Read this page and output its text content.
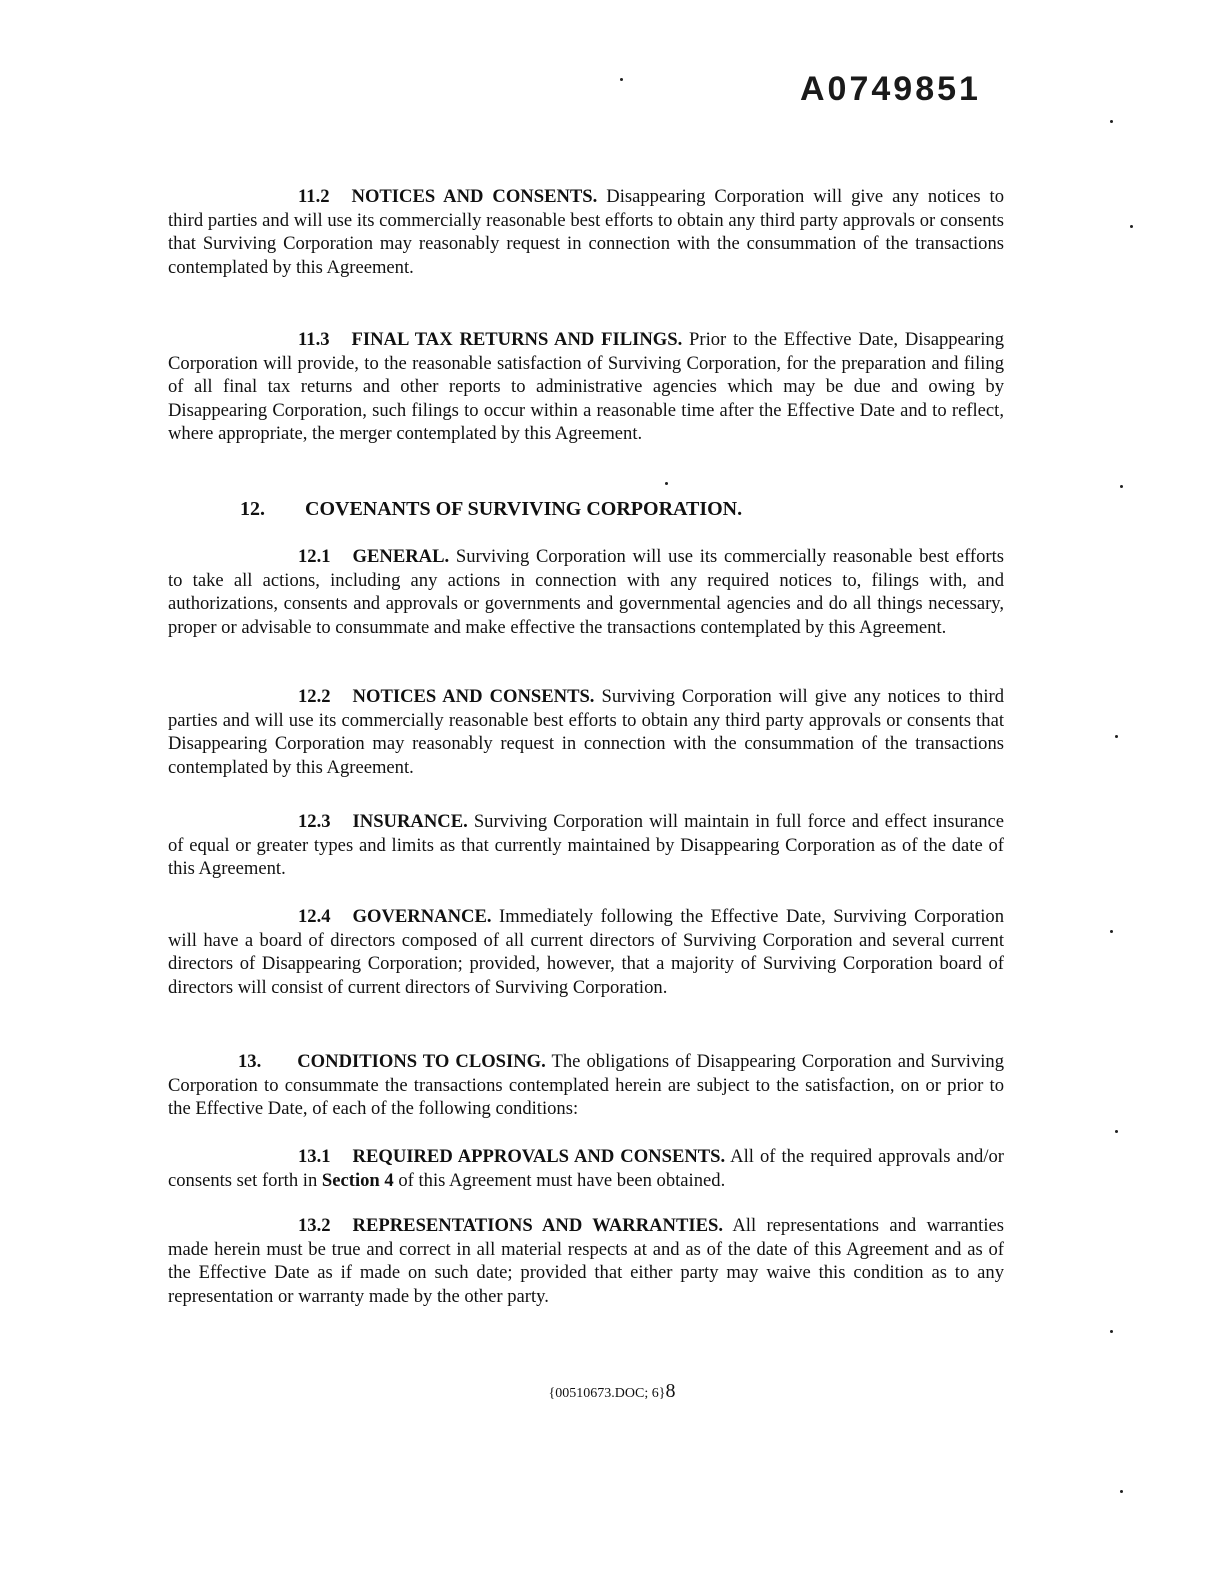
A0749851

11.2 NOTICES AND CONSENTS. Disappearing Corporation will give any notices to third parties and will use its commercially reasonable best efforts to obtain any third party approvals or consents that Surviving Corporation may reasonably request in connection with the consummation of the transactions contemplated by this Agreement.

11.3 FINAL TAX RETURNS AND FILINGS. Prior to the Effective Date, Disappearing Corporation will provide, to the reasonable satisfaction of Surviving Corporation, for the preparation and filing of all final tax returns and other reports to administrative agencies which may be due and owing by Disappearing Corporation, such filings to occur within a reasonable time after the Effective Date and to reflect, where appropriate, the merger contemplated by this Agreement.

12. COVENANTS OF SURVIVING CORPORATION.

12.1 GENERAL. Surviving Corporation will use its commercially reasonable best efforts to take all actions, including any actions in connection with any required notices to, filings with, and authorizations, consents and approvals or governments and governmental agencies and do all things necessary, proper or advisable to consummate and make effective the transactions contemplated by this Agreement.

12.2 NOTICES AND CONSENTS. Surviving Corporation will give any notices to third parties and will use its commercially reasonable best efforts to obtain any third party approvals or consents that Disappearing Corporation may reasonably request in connection with the consummation of the transactions contemplated by this Agreement.

12.3 INSURANCE. Surviving Corporation will maintain in full force and effect insurance of equal or greater types and limits as that currently maintained by Disappearing Corporation as of the date of this Agreement.

12.4 GOVERNANCE. Immediately following the Effective Date, Surviving Corporation will have a board of directors composed of all current directors of Surviving Corporation and several current directors of Disappearing Corporation; provided, however, that a majority of Surviving Corporation board of directors will consist of current directors of Surviving Corporation.

13. CONDITIONS TO CLOSING. The obligations of Disappearing Corporation and Surviving Corporation to consummate the transactions contemplated herein are subject to the satisfaction, on or prior to the Effective Date, of each of the following conditions:

13.1 REQUIRED APPROVALS AND CONSENTS. All of the required approvals and/or consents set forth in Section 4 of this Agreement must have been obtained.

13.2 REPRESENTATIONS AND WARRANTIES. All representations and warranties made herein must be true and correct in all material respects at and as of the date of this Agreement and as of the Effective Date as if made on such date; provided that either party may waive this condition as to any representation or warranty made by the other party.

{00510673.DOC; 6}8
